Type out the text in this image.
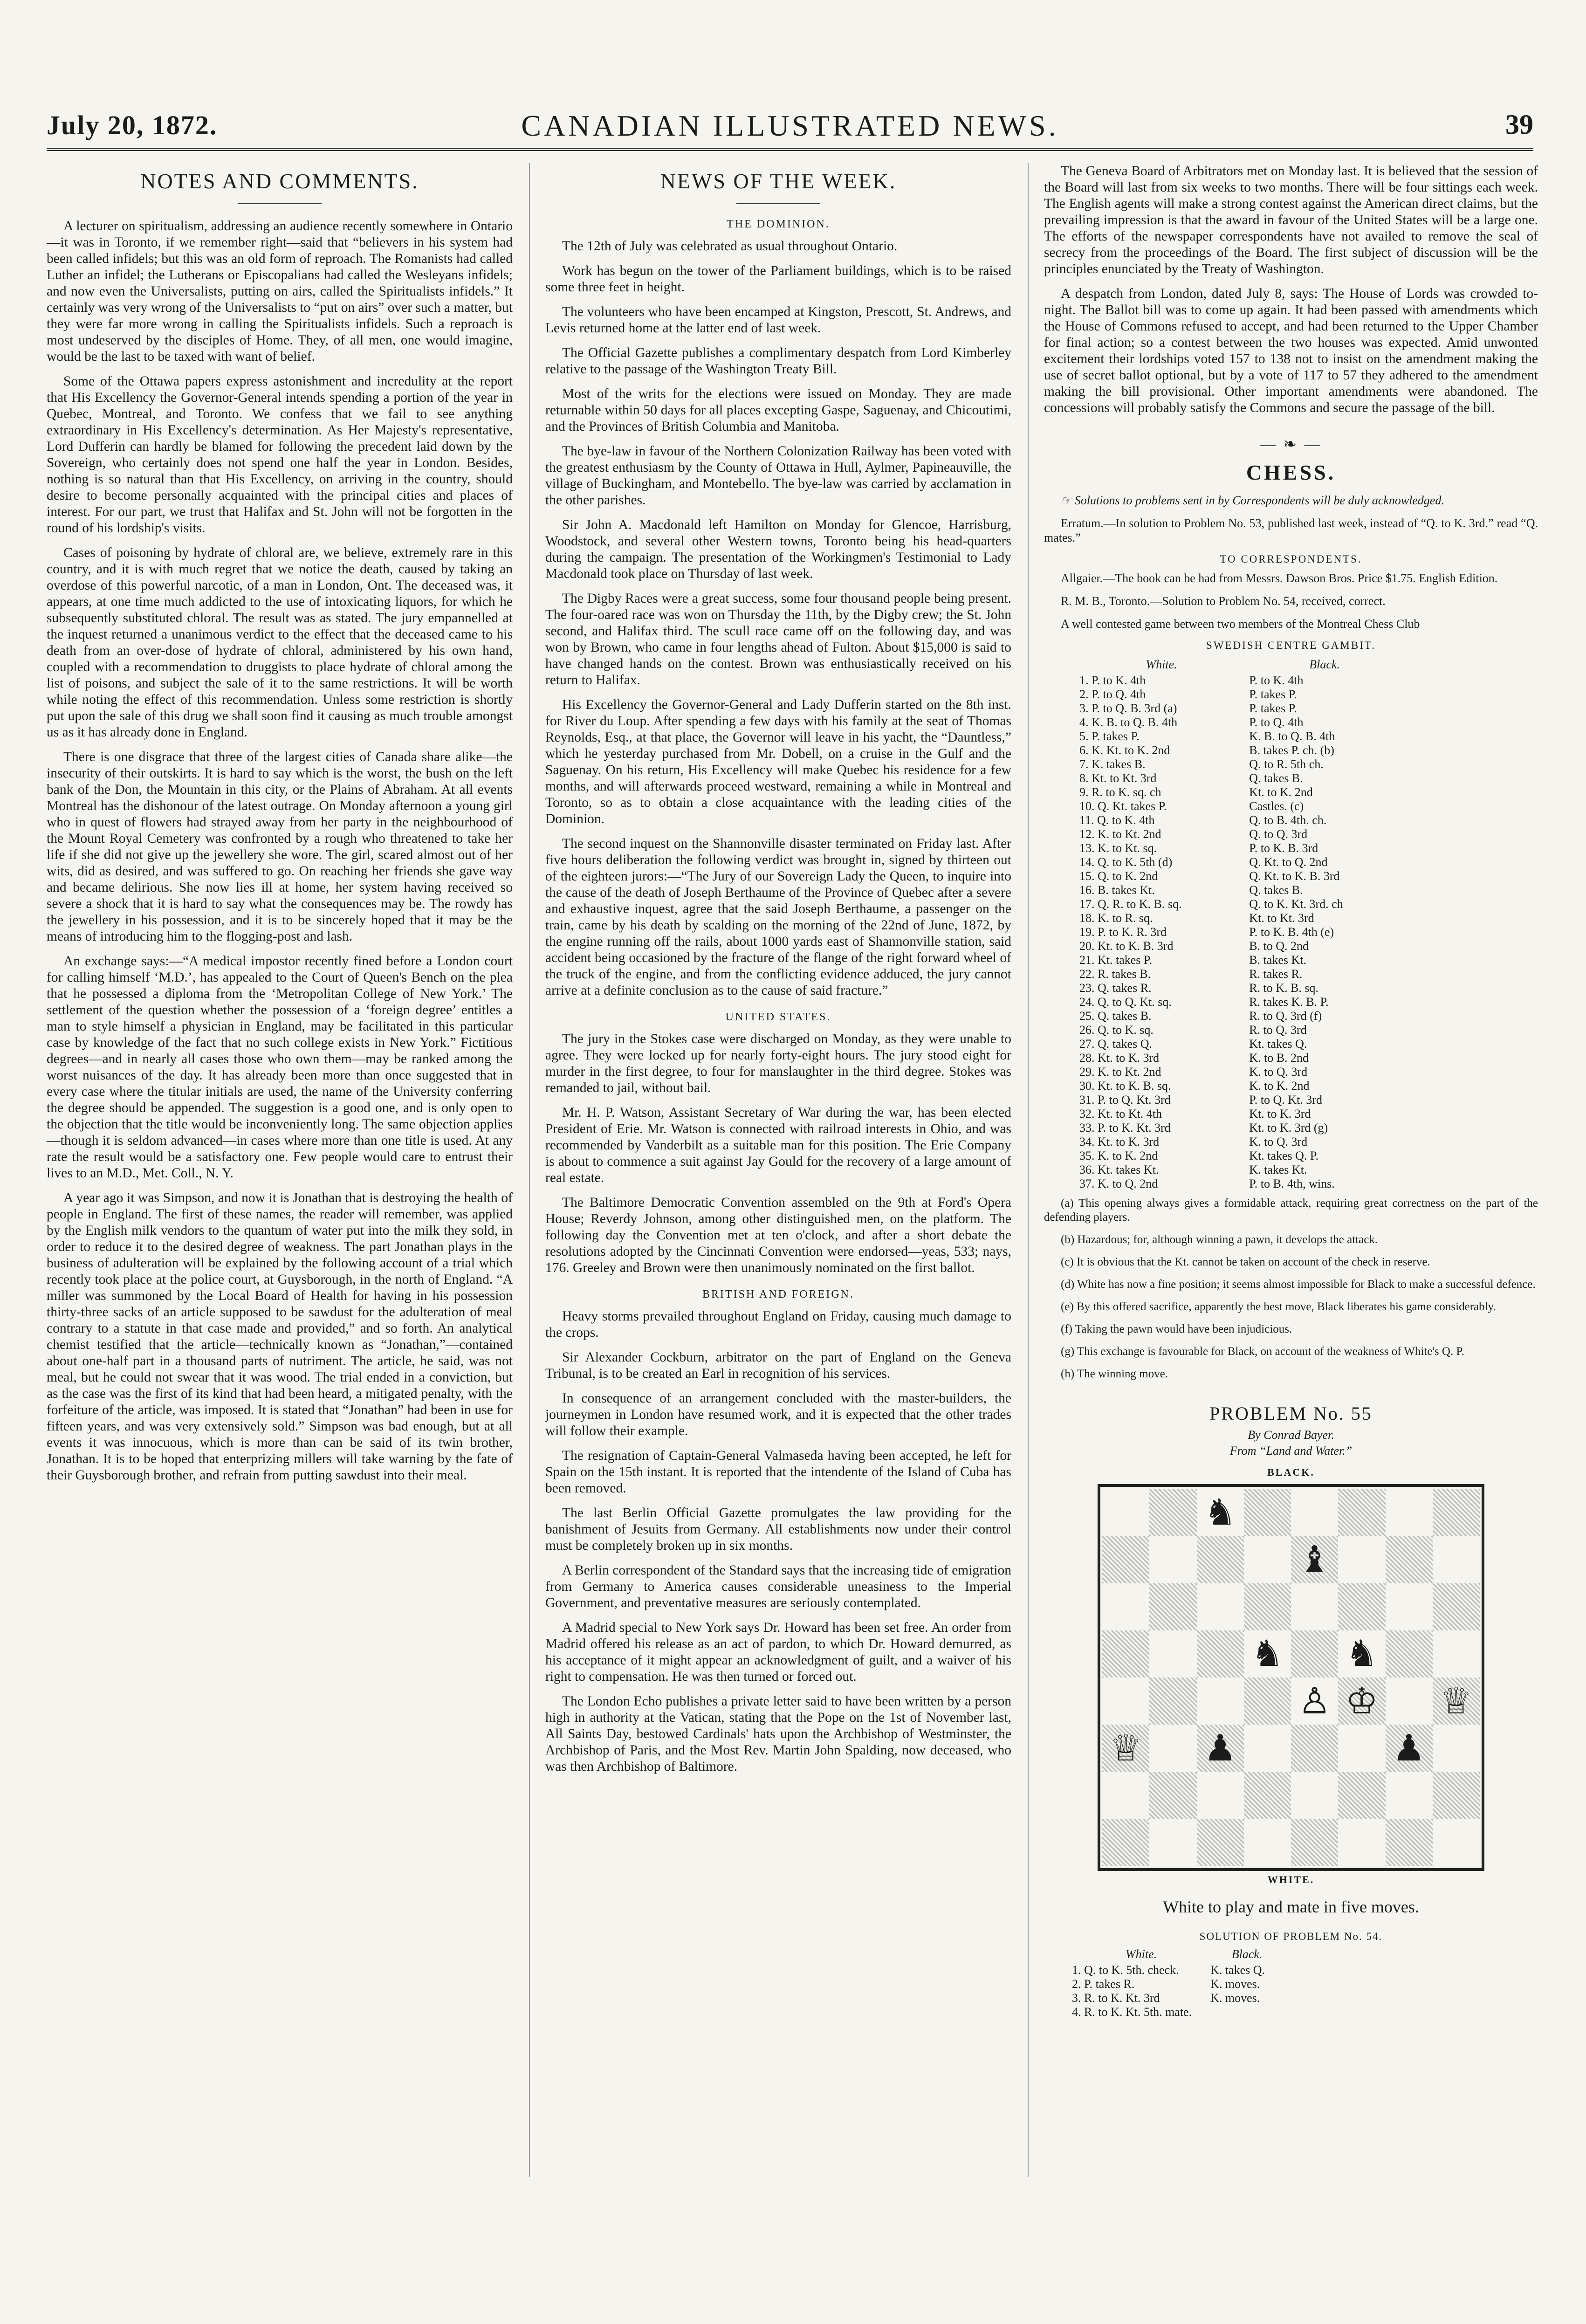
July 20, 1872.	CANADIAN ILLUSTRATED NEWS.	39
NOTES AND COMMENTS.

A lecturer on spiritualism, addressing an audience recently somewhere in Ontario—it was in Toronto, if we remember right—said that “believers in his system had been called infidels; but this was an old form of reproach. The Romanists had called Luther an infidel; the Lutherans or Episcopalians had called the Wesleyans infidels; and now even the Universalists, putting on airs, called the Spiritualists infidels.” It certainly was very wrong of the Universalists to “put on airs” over such a matter, but they were far more wrong in calling the Spiritualists infidels. Such a reproach is most undeserved by the disciples of Home. They, of all men, one would imagine, would be the last to be taxed with want of belief.

Some of the Ottawa papers express astonishment and incredulity at the report that His Excellency the Governor-General intends spending a portion of the year in Quebec, Montreal, and Toronto. We confess that we fail to see anything extraordinary in His Excellency's determination. As Her Majesty's representative, Lord Dufferin can hardly be blamed for following the precedent laid down by the Sovereign, who certainly does not spend one half the year in London. Besides, nothing is so natural than that His Excellency, on arriving in the country, should desire to become personally acquainted with the principal cities and places of interest. For our part, we trust that Halifax and St. John will not be forgotten in the round of his lordship's visits.

Cases of poisoning by hydrate of chloral are, we believe, extremely rare in this country, and it is with much regret that we notice the death, caused by taking an overdose of this powerful narcotic, of a man in London, Ont. The deceased was, it appears, at one time much addicted to the use of intoxicating liquors, for which he subsequently substituted chloral. The result was as stated. The jury empannelled at the inquest returned a unanimous verdict to the effect that the deceased came to his death from an over-dose of hydrate of chloral, administered by his own hand, coupled with a recommendation to druggists to place hydrate of chloral among the list of poisons, and subject the sale of it to the same restrictions. It will be worth while noting the effect of this recommendation. Unless some restriction is shortly put upon the sale of this drug we shall soon find it causing as much trouble amongst us as it has already done in England.

There is one disgrace that three of the largest cities of Canada share alike—the insecurity of their outskirts. It is hard to say which is the worst, the bush on the left bank of the Don, the Mountain in this city, or the Plains of Abraham. At all events Montreal has the dishonour of the latest outrage. On Monday afternoon a young girl who in quest of flowers had strayed away from her party in the neighbourhood of the Mount Royal Cemetery was confronted by a rough who threatened to take her life if she did not give up the jewellery she wore. The girl, scared almost out of her wits, did as desired, and was suffered to go. On reaching her friends she gave way and became delirious. She now lies ill at home, her system having received so severe a shock that it is hard to say what the consequences may be. The rowdy has the jewellery in his possession, and it is to be sincerely hoped that it may be the means of introducing him to the flogging-post and lash.

An exchange says:—“A medical impostor recently fined before a London court for calling himself ‘M.D.’, has appealed to the Court of Queen's Bench on the plea that he possessed a diploma from the ‘Metropolitan College of New York.’ The settlement of the question whether the possession of a ‘foreign degree’ entitles a man to style himself a physician in England, may be facilitated in this particular case by knowledge of the fact that no such college exists in New York.” Fictitious degrees—and in nearly all cases those who own them—may be ranked among the worst nuisances of the day. It has already been more than once suggested that in every case where the titular initials are used, the name of the University conferring the degree should be appended. The suggestion is a good one, and is only open to the objection that the title would be inconveniently long. The same objection applies—though it is seldom advanced—in cases where more than one title is used. At any rate the result would be a satisfactory one. Few people would care to entrust their lives to an M.D., Met. Coll., N. Y.

A year ago it was Simpson, and now it is Jonathan that is destroying the health of people in England. The first of these names, the reader will remember, was applied by the English milk vendors to the quantum of water put into the milk they sold, in order to reduce it to the desired degree of weakness. The part Jonathan plays in the business of adulteration will be explained by the following account of a trial which recently took place at the police court, at Guysborough, in the north of England. “A miller was summoned by the Local Board of Health for having in his possession thirty-three sacks of an article supposed to be sawdust for the adulteration of meal contrary to a statute in that case made and provided,” and so forth. An analytical chemist testified that the article—technically known as “Jonathan,”—contained about one-half part in a thousand parts of nutriment. The article, he said, was not meal, but he could not swear that it was wood. The trial ended in a conviction, but as the case was the first of its kind that had been heard, a mitigated penalty, with the forfeiture of the article, was imposed. It is stated that “Jonathan” had been in use for fifteen years, and was very extensively sold.” Simpson was bad enough, but at all events it was innocuous, which is more than can be said of its twin brother, Jonathan. It is to be hoped that enterprizing millers will take warning by the fate of their Guysborough brother, and refrain from putting sawdust into their meal.

NEWS OF THE WEEK.
THE DOMINION.

The 12th of July was celebrated as usual throughout Ontario.

Work has begun on the tower of the Parliament buildings, which is to be raised some three feet in height.

The volunteers who have been encamped at Kingston, Prescott, St. Andrews, and Levis returned home at the latter end of last week.

The Official Gazette publishes a complimentary despatch from Lord Kimberley relative to the passage of the Washington Treaty Bill.

Most of the writs for the elections were issued on Monday. They are made returnable within 50 days for all places excepting Gaspe, Saguenay, and Chicoutimi, and the Provinces of British Columbia and Manitoba.

The bye-law in favour of the Northern Colonization Railway has been voted with the greatest enthusiasm by the County of Ottawa in Hull, Aylmer, Papineauville, the village of Buckingham, and Montebello. The bye-law was carried by acclamation in the other parishes.

Sir John A. Macdonald left Hamilton on Monday for Glencoe, Harrisburg, Woodstock, and several other Western towns, Toronto being his head-quarters during the campaign. The presentation of the Workingmen's Testimonial to Lady Macdonald took place on Thursday of last week.

The Digby Races were a great success, some four thousand people being present. The four-oared race was won on Thursday the 11th, by the Digby crew; the St. John second, and Halifax third. The scull race came off on the following day, and was won by Brown, who came in four lengths ahead of Fulton. About $15,000 is said to have changed hands on the contest. Brown was enthusiastically received on his return to Halifax.

His Excellency the Governor-General and Lady Dufferin started on the 8th inst. for River du Loup. After spending a few days with his family at the seat of Thomas Reynolds, Esq., at that place, the Governor will leave in his yacht, the “Dauntless,” which he yesterday purchased from Mr. Dobell, on a cruise in the Gulf and the Saguenay. On his return, His Excellency will make Quebec his residence for a few months, and will afterwards proceed westward, remaining a while in Montreal and Toronto, so as to obtain a close acquaintance with the leading cities of the Dominion.

The second inquest on the Shannonville disaster terminated on Friday last. After five hours deliberation the following verdict was brought in, signed by thirteen out of the eighteen jurors:—“The Jury of our Sovereign Lady the Queen, to inquire into the cause of the death of Joseph Berthaume of the Province of Quebec after a severe and exhaustive inquest, agree that the said Joseph Berthaume, a passenger on the train, came by his death by scalding on the morning of the 22nd of June, 1872, by the engine running off the rails, about 1000 yards east of Shannonville station, said accident being occasioned by the fracture of the flange of the right forward wheel of the truck of the engine, and from the conflicting evidence adduced, the jury cannot arrive at a definite conclusion as to the cause of said fracture.”

UNITED STATES.

The jury in the Stokes case were discharged on Monday, as they were unable to agree. They were locked up for nearly forty-eight hours. The jury stood eight for murder in the first degree, to four for manslaughter in the third degree. Stokes was remanded to jail, without bail.

Mr. H. P. Watson, Assistant Secretary of War during the war, has been elected President of Erie. Mr. Watson is connected with railroad interests in Ohio, and was recommended by Vanderbilt as a suitable man for this position. The Erie Company is about to commence a suit against Jay Gould for the recovery of a large amount of real estate.

The Baltimore Democratic Convention assembled on the 9th at Ford's Opera House; Reverdy Johnson, among other distinguished men, on the platform. The following day the Convention met at ten o'clock, and after a short debate the resolutions adopted by the Cincinnati Convention were endorsed—yeas, 533; nays, 176. Greeley and Brown were then unanimously nominated on the first ballot.

BRITISH AND FOREIGN.

Heavy storms prevailed throughout England on Friday, causing much damage to the crops.

Sir Alexander Cockburn, arbitrator on the part of England on the Geneva Tribunal, is to be created an Earl in recognition of his services.

In consequence of an arrangement concluded with the master-builders, the journeymen in London have resumed work, and it is expected that the other trades will follow their example.

The resignation of Captain-General Valmaseda having been accepted, he left for Spain on the 15th instant. It is reported that the intendente of the Island of Cuba has been removed.

The last Berlin Official Gazette promulgates the law providing for the banishment of Jesuits from Germany. All establishments now under their control must be completely broken up in six months.

A Berlin correspondent of the Standard says that the increasing tide of emigration from Germany to America causes considerable uneasiness to the Imperial Government, and preventative measures are seriously contemplated.

A Madrid special to New York says Dr. Howard has been set free. An order from Madrid offered his release as an act of pardon, to which Dr. Howard demurred, as his acceptance of it might appear an acknowledgment of guilt, and a waiver of his right to compensation. He was then turned or forced out.

The London Echo publishes a private letter said to have been written by a person high in authority at the Vatican, stating that the Pope on the 1st of November last, All Saints Day, bestowed Cardinals' hats upon the Archbishop of Westminster, the Archbishop of Paris, and the Most Rev. Martin John Spalding, now deceased, who was then Archbishop of Baltimore.

The Geneva Board of Arbitrators met on Monday last. It is believed that the session of the Board will last from six weeks to two months. There will be four sittings each week. The English agents will make a strong contest against the American direct claims, but the prevailing impression is that the award in favour of the United States will be a large one. The efforts of the newspaper correspondents have not availed to remove the seal of secrecy from the proceedings of the Board. The first subject of discussion will be the principles enunciated by the Treaty of Washington.

A despatch from London, dated July 8, says: The House of Lords was crowded to-night. The Ballot bill was to come up again. It had been passed with amendments which the House of Commons refused to accept, and had been returned to the Upper Chamber for final action; so a contest between the two houses was expected. Amid unwonted excitement their lordships voted 157 to 138 not to insist on the amendment making the use of secret ballot optional, but by a vote of 117 to 57 they adhered to the amendment making the bill provisional. Other important amendments were abandoned. The concessions will probably satisfy the Commons and secure the passage of the bill.

— ❧ —
CHESS.

☞ Solutions to problems sent in by Correspondents will be duly acknowledged.

Erratum.—In solution to Problem No. 53, published last week, instead of “Q. to K. 3rd.” read “Q. mates.”

TO CORRESPONDENTS.

Allgaier.—The book can be had from Messrs. Dawson Bros. Price $1.75. English Edition.

R. M. B., Toronto.—Solution to Problem No. 54, received, correct.

A well contested game between two members of the Montreal Chess Club

SWEDISH CENTRE GAMBIT.
White.	Black.
1. P. to K. 4th	P. to K. 4th
2. P. to Q. 4th	P. takes P.
3. P. to Q. B. 3rd (a)	P. takes P.
4. K. B. to Q. B. 4th	P. to Q. 4th
5. P. takes P.	K. B. to Q. B. 4th
6. K. Kt. to K. 2nd	B. takes P. ch. (b)
7. K. takes B.	Q. to R. 5th ch.
8. Kt. to Kt. 3rd	Q. takes B.
9. R. to K. sq. ch	Kt. to K. 2nd
10. Q. Kt. takes P.	Castles. (c)
11. Q. to K. 4th	Q. to B. 4th. ch.
12. K. to Kt. 2nd	Q. to Q. 3rd
13. K. to Kt. sq.	P. to K. B. 3rd
14. Q. to K. 5th (d)	Q. Kt. to Q. 2nd
15. Q. to K. 2nd	Q. Kt. to K. B. 3rd
16. B. takes Kt.	Q. takes B.
17. Q. R. to K. B. sq.	Q. to K. Kt. 3rd. ch
18. K. to R. sq.	Kt. to Kt. 3rd
19. P. to K. R. 3rd	P. to K. B. 4th (e)
20. Kt. to K. B. 3rd	B. to Q. 2nd
21. Kt. takes P.	B. takes Kt.
22. R. takes B.	R. takes R.
23. Q. takes R.	R. to K. B. sq.
24. Q. to Q. Kt. sq.	R. takes K. B. P.
25. Q. takes B.	R. to Q. 3rd (f)
26. Q. to K. sq.	R. to Q. 3rd
27. Q. takes Q.	Kt. takes Q.
28. Kt. to K. 3rd	K. to B. 2nd
29. K. to Kt. 2nd	K. to Q. 3rd
30. Kt. to K. B. sq.	K. to K. 2nd
31. P. to Q. Kt. 3rd	P. to Q. Kt. 3rd
32. Kt. to Kt. 4th	Kt. to K. 3rd
33. P. to K. Kt. 3rd	Kt. to K. 3rd (g)
34. Kt. to K. 3rd	K. to Q. 3rd
35. K. to K. 2nd	Kt. takes Q. P.
36. Kt. takes Kt.	K. takes Kt.
37. K. to Q. 2nd	P. to B. 4th, wins.

(a) This opening always gives a formidable attack, requiring great correctness on the part of the defending players.

(b) Hazardous; for, although winning a pawn, it develops the attack.

(c) It is obvious that the Kt. cannot be taken on account of the check in reserve.

(d) White has now a fine position; it seems almost impossible for Black to make a successful defence.

(e) By this offered sacrifice, apparently the best move, Black liberates his game considerably.

(f) Taking the pawn would have been injudicious.

(g) This exchange is favourable for Black, on account of the weakness of White's Q. P.

(h) The winning move.

PROBLEM No. 55
By Conrad Bayer.
From “Land and Water.”
BLACK.
♞
♝
♞ ♞
♙ ♔ ♕
♕ ♟	♟
WHITE.
White to play and mate in five moves.
SOLUTION OF PROBLEM No. 54.
White.	Black.
1. Q. to K. 5th. check.	K. takes Q.
2. P. takes R.	K. moves.
3. R. to K. Kt. 3rd	K. moves.
4. R. to K. Kt. 5th. mate.	
